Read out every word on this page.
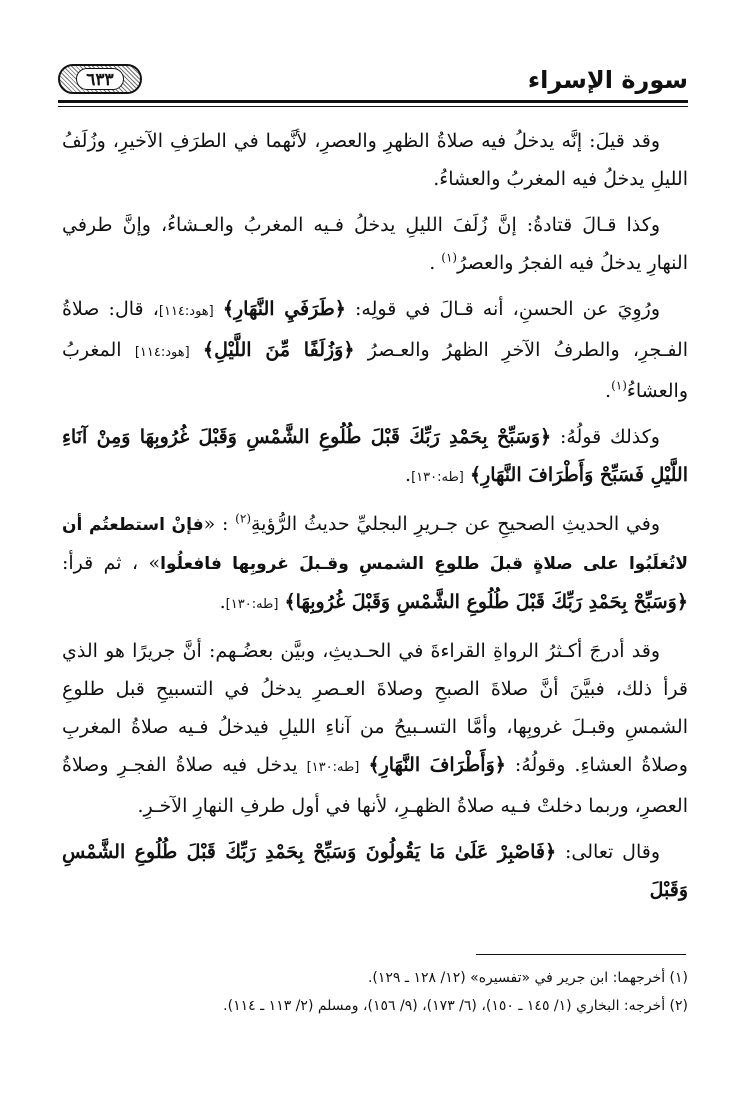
سورة الإسراء
٦٣٣

وقد قيلَ: إنَّه يدخلُ فيه صلاةُ الظهرِ والعصرِ، لأنَّهما في الطرَفِ الآخيرِ، وزُلَفُ الليلِ يدخلُ فيه المغربُ والعشاءُ.

وكذا قـالَ قتادةُ: إنَّ زُلَفَ الليلِ يدخلُ فـيه المغربُ والعـشاءُ، وإنَّ طرفي النهارِ يدخلُ فيه الفجرُ والعصرُ$^{(١)}$ .

ورُوِيَ عن الحسنِ، أنه قـالَ في قولِه: ﴿طَرَفَيِ النَّهَارِ﴾ [هود:١١٤]، قال: صلاةُ الفـجرِ، والطرفُ الآخرِ الظهرُ والعـصرُ ﴿وَزُلَفًا مِّنَ اللَّيْلِ﴾ [هود:١١٤] المغربُ والعشاءُ$^{(١)}$.

وكذلك قولُهُ: ﴿وَسَبِّحْ بِحَمْدِ رَبِّكَ قَبْلَ طُلُوعِ الشَّمْسِ وَقَبْلَ غُرُوبِهَا وَمِنْ آنَاءِ اللَّيْلِ فَسَبِّحْ وَأَطْرَافَ النَّهَارِ﴾ [طه:١٣٠].

وفي الحديثِ الصحيحِ عن جـريرِ البجليِّ حديثُ الرُّؤيةِ$^{(٢)}$ : «فإنْ استطعتُم أن لاتُغلَبُوا على صلاةٍ قبلَ طلوعِ الشمسِ وقـبلَ غروبِها فافعلُوا» ، ثم قرأ: ﴿وَسَبِّحْ بِحَمْدِ رَبِّكَ قَبْلَ طُلُوعِ الشَّمْسِ وَقَبْلَ غُرُوبِهَا﴾ [طه:١٣٠].

وقد أدرجَ أكـثرُ الرواةِ القراءةَ في الحـديثِ، وبيَّن بعضُـهم: أنَّ جريرًا هو الذي قرأ ذلك، فبيَّنَ أنَّ صلاةَ الصبحِ وصلاةَ العـصرِ يدخلُ في التسبيحِ قبل طلوعِ الشمسِ وقبـلَ غروبِها، وأمَّا التسـبيحُ من آناءِ الليلِ فيدخلُ فـيه صلاةُ المغربِ وصلاةُ العشاءِ. وقولُهُ: ﴿وَأَطْرَافَ النَّهَارِ﴾ [طه:١٣٠] يدخل فيه صلاةُ الفجـرِ وصلاةُ العصرِ، وربما دخلتْ فـيه صلاةُ الظهـرِ، لأنها في أول طرفِ النهارِ الآخـرِ.

وقال تعالى: ﴿فَاصْبِرْ عَلَىٰ مَا يَقُولُونَ وَسَبِّحْ بِحَمْدِ رَبِّكَ قَبْلَ طُلُوعِ الشَّمْسِ وَقَبْلَ

(١) أخرجهما: ابن جرير في «تفسيره» (١٢/ ١٢٨ ـ ١٢٩).
(٢) أخرجه: البخاري (١/ ١٤٥ ـ ١٥٠)، (٦/ ١٧٣)، (٩/ ١٥٦)، ومسلم (٢/ ١١٣ ـ ١١٤).
